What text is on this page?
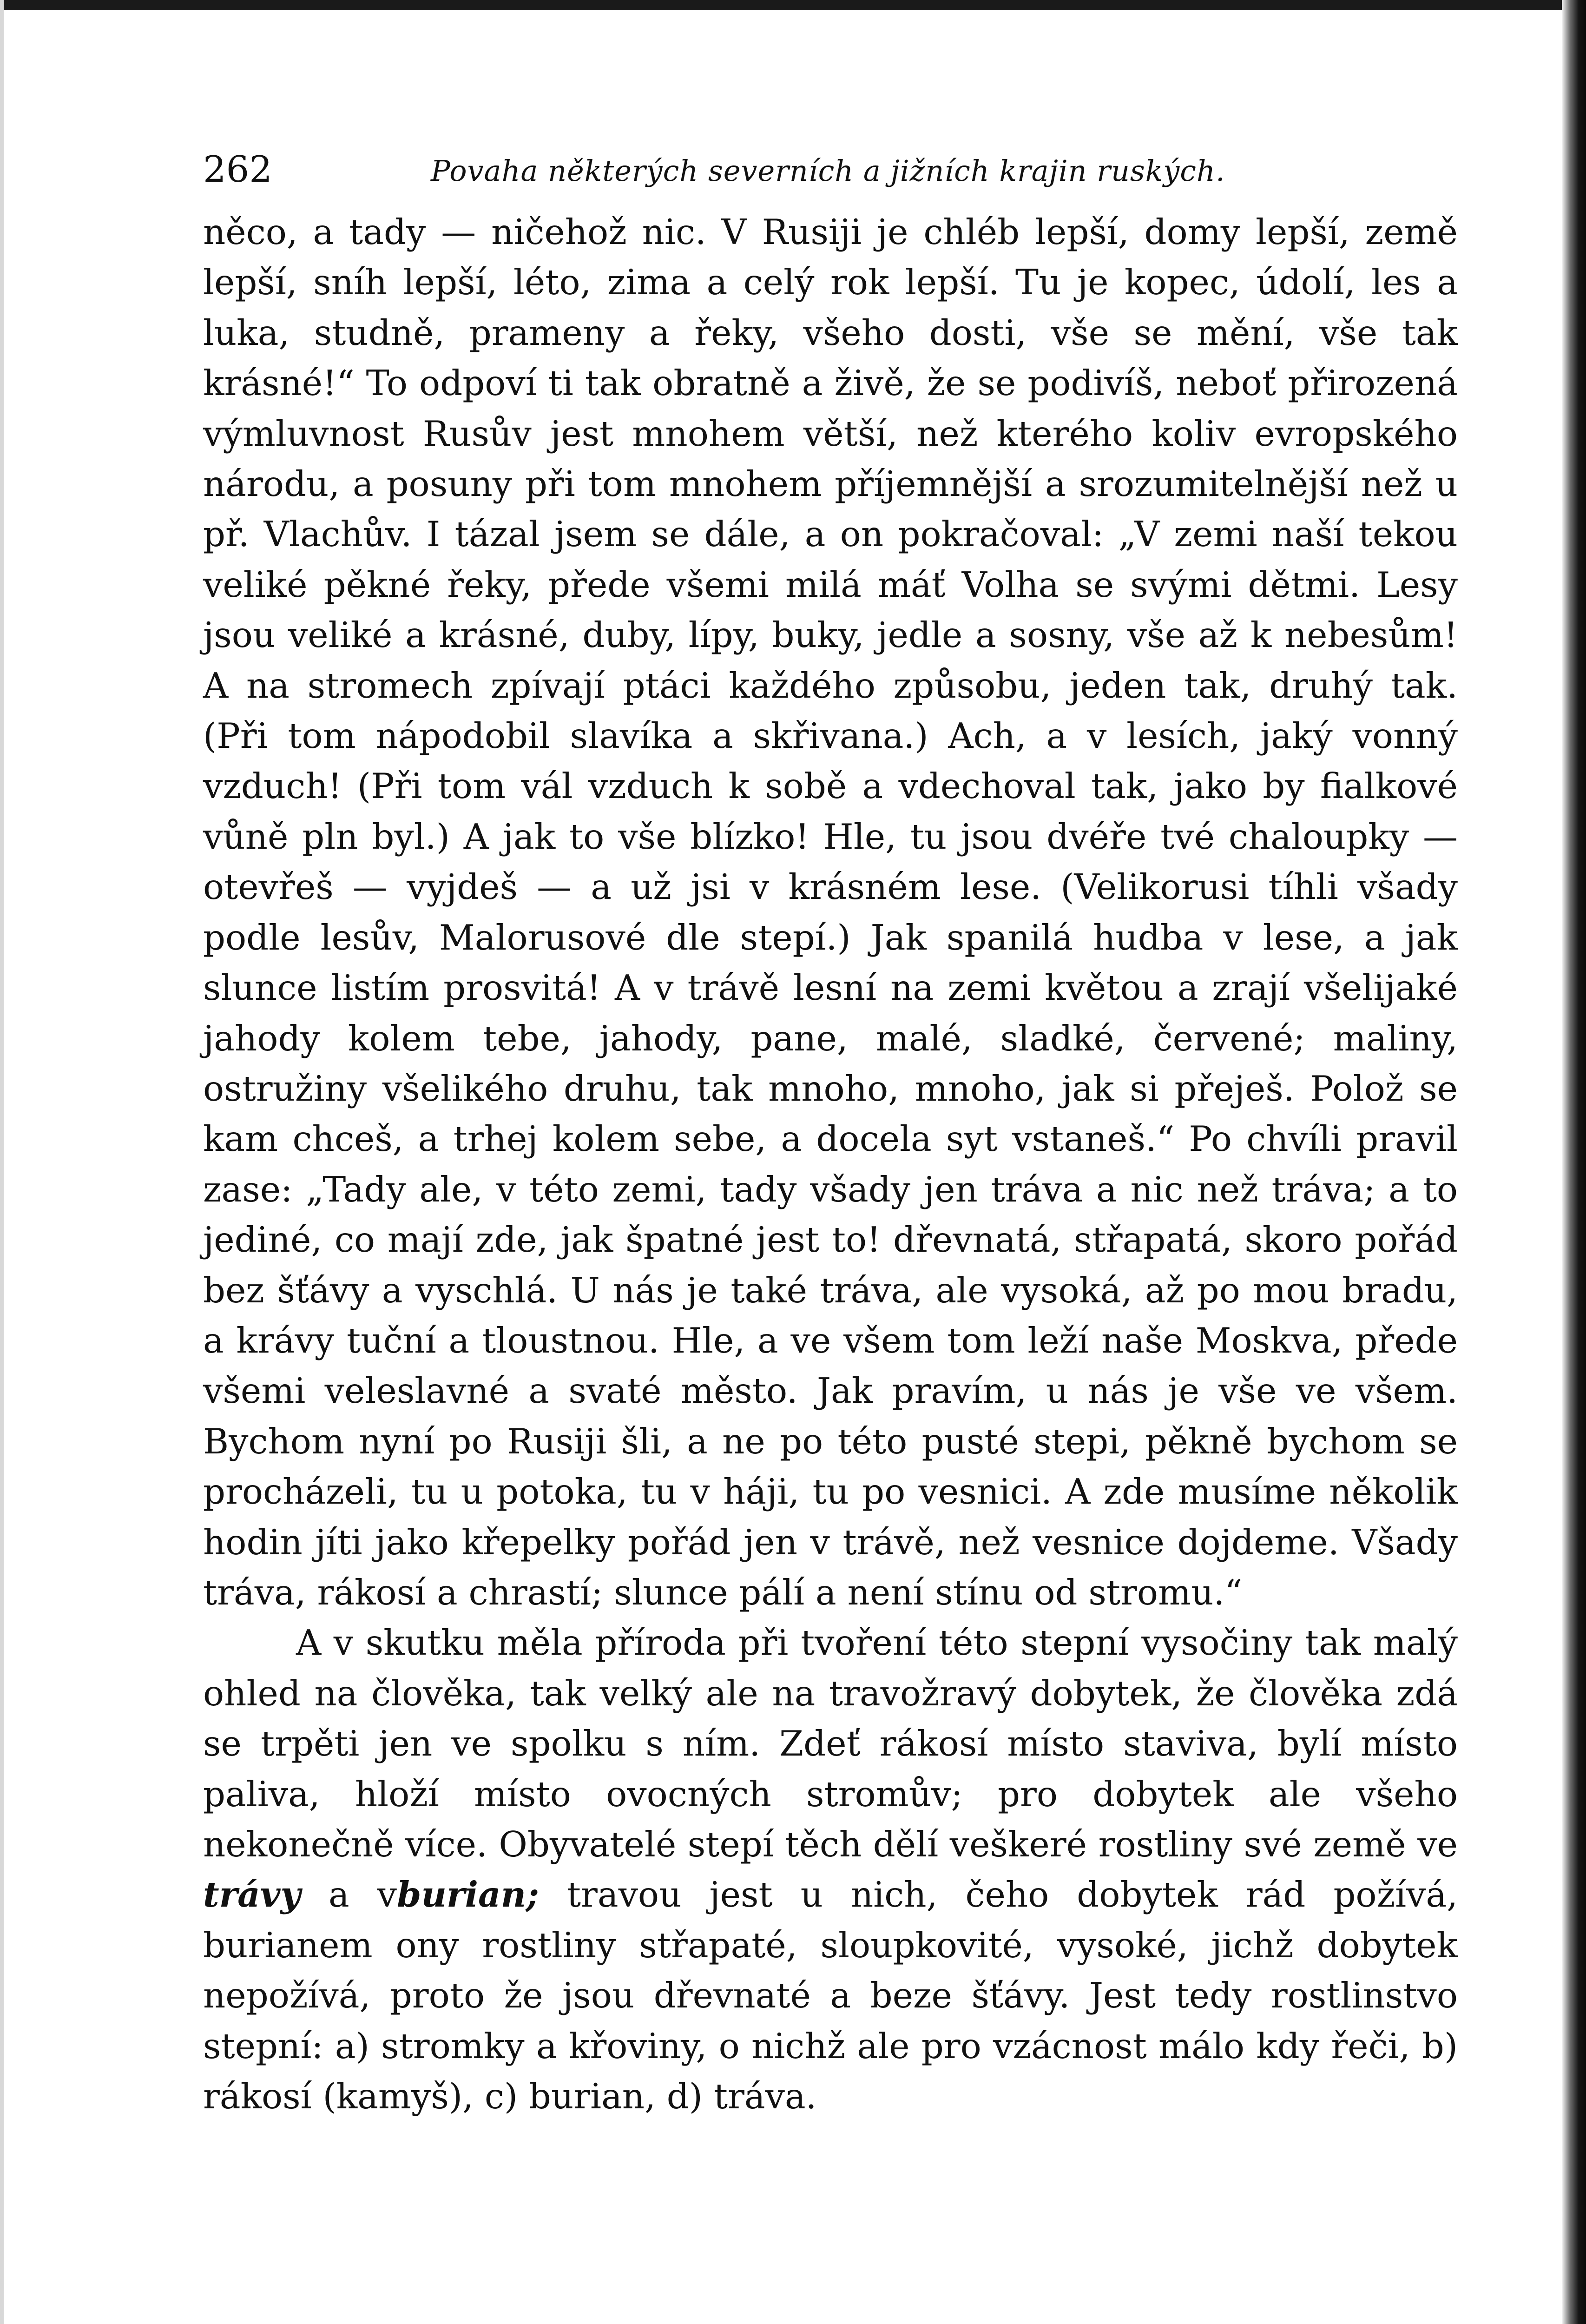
262	Povaha některých severních a jižních krajin ruských.

něco, a tady — ničehož nic. V Rusiji je chléb lepší, domy lepší, země lepší, sníh lepší, léto, zima a celý rok lepší. Tu je kopec, údolí, les a luka, studně, prameny a řeky, všeho dosti, vše se mění, vše tak krásné!“ To odpoví ti tak obratně a živě, že se podivíš, neboť přirozená výmluvnost Rusův jest mnohem větší, než kterého koliv evropského národu, a posuny při tom mnohem příjemnější a srozumitelnější než u př. Vlachův. I tázal jsem se dále, a on pokračoval: „V zemi naší tekou veliké pěkné řeky, přede všemi milá máť Volha se svými dětmi. Lesy jsou veliké a krásné, duby, lípy, buky, jedle a sosny, vše až k nebesům! A na stromech zpívají ptáci každého způsobu, jeden tak, druhý tak. (Při tom nápodobil slavíka a skřivana.) Ach, a v lesích, jaký vonný vzduch! (Při tom vál vzduch k sobě a vdechoval tak, jako by fialkové vůně pln byl.) A jak to vše blízko! Hle, tu jsou dvéře tvé chaloupky — otevřeš — vyjdeš — a už jsi v krásném lese. (Velikorusi tíhli všady podle lesův, Malorusové dle stepí.) Jak spanilá hudba v lese, a jak slunce listím prosvitá! A v trávě lesní na zemi květou a zrají všelijaké jahody kolem tebe, jahody, pane, malé, sladké, červené; maliny, ostružiny všelikého druhu, tak mnoho, mnoho, jak si přeješ. Polož se kam chceš, a trhej kolem sebe, a docela syt vstaneš.“ Po chvíli pravil zase: „Tady ale, v této zemi, tady všady jen tráva a nic než tráva; a to jediné, co mají zde, jak špatné jest to! dřevnatá, střapatá, skoro pořád bez šťávy a vyschlá. U nás je také tráva, ale vysoká, až po mou bradu, a krávy tuční a tloustnou. Hle, a ve všem tom leží naše Moskva, přede všemi veleslavné a svaté město. Jak pravím, u nás je vše ve všem. Bychom nyní po Rusiji šli, a ne po této pusté stepi, pěkně bychom se procházeli, tu u potoka, tu v háji, tu po vesnici. A zde musíme několik hodin jíti jako křepelky pořád jen v trávě, než vesnice dojdeme. Všady tráva, rákosí a chrastí; slunce pálí a není stínu od stromu.“

A v skutku měla příroda při tvoření této stepní vysočiny tak malý ohled na člověka, tak velký ale na travožravý dobytek, že člověka zdá se trpěti jen ve spolku s ním. Zdeť rákosí místo staviva, bylí místo paliva, hloží místo ovocných stromův; pro dobytek ale všeho nekonečně více. Obyvatelé stepí těch dělí veškeré rostliny své země ve trávy a vburian; travou jest u nich, čeho dobytek rád požívá, burianem ony rostliny střapaté, sloupkovité, vysoké, jichž dobytek nepožívá, proto že jsou dřevnaté a beze šťávy. Jest tedy rostlinstvo stepní: a) stromky a křoviny, o nichž ale pro vzácnost málo kdy řeči, b) rákosí (kamyš), c) burian, d) tráva.
